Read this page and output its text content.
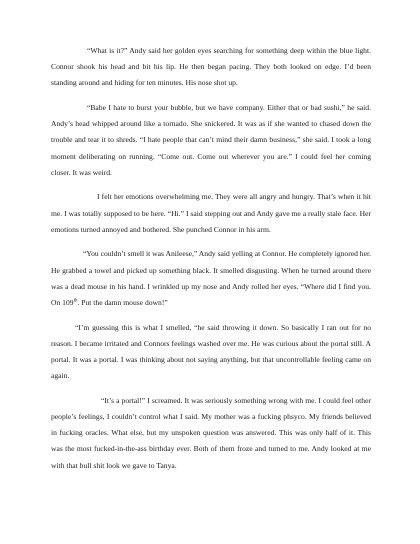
“What is it?” Andy said her golden eyes searching for something deep within the blue light. Connor shook his head and bit his lip. He then began pacing. They both looked on edge. I’d been standing around and hiding for ten minutes. His nose shot up.

“Babe I hate to burst your bubble, but we have company. Either that or bad sushi,” he said. Andy’s head whipped around like a tornado. She snickered. It was as if she wanted to chased down the trouble and tear it to shreds. “I hate people that can’t mind their damn business,” she said. I took a long moment deliberating on running. “Come out. Come out wherever you are.” I could feel her coming closer. It was weird.

I felt her emotions overwhelming me. They were all angry and hungry. That’s when it hit me. I was totally supposed to be here. “Hi.” I said stepping out and Andy gave me a really stale face. Her emotions turned annoyed and bothered. She punched Connor in his arm.

“You couldn’t smell it was Anileese,” Andy said yelling at Connor. He completely ignored her. He grabbed a towel and picked up something black. It smelled disgusting. When he turned around there was a dead mouse in his hand. I wrinkled up my nose and Andy rolled her eyes. “Where did I find you. On 109th. Put the damn mouse down!”

“I’m guessing this is what I smelled, “he said throwing it down. So basically I ran out for no reason. I became irritated and Connors feelings washed over me. He was curious about the portal still. A portal. It was a portal. I was thinking about not saying anything, but that uncontrollable feeling came on again.

“It’s a portal!” I screamed. It was seriously something wrong with me. I could feel other people’s feelings, I couldn’t control what I said. My mother was a fucking phsyco. My friends believed in fucking oracles. What else, but my unspoken question was answered. This was only half of it. This was the most fucked-in-the-ass birthday ever. Both of them froze and turned to me. Andy looked at me with that bull shit look we gave to Tanya.
